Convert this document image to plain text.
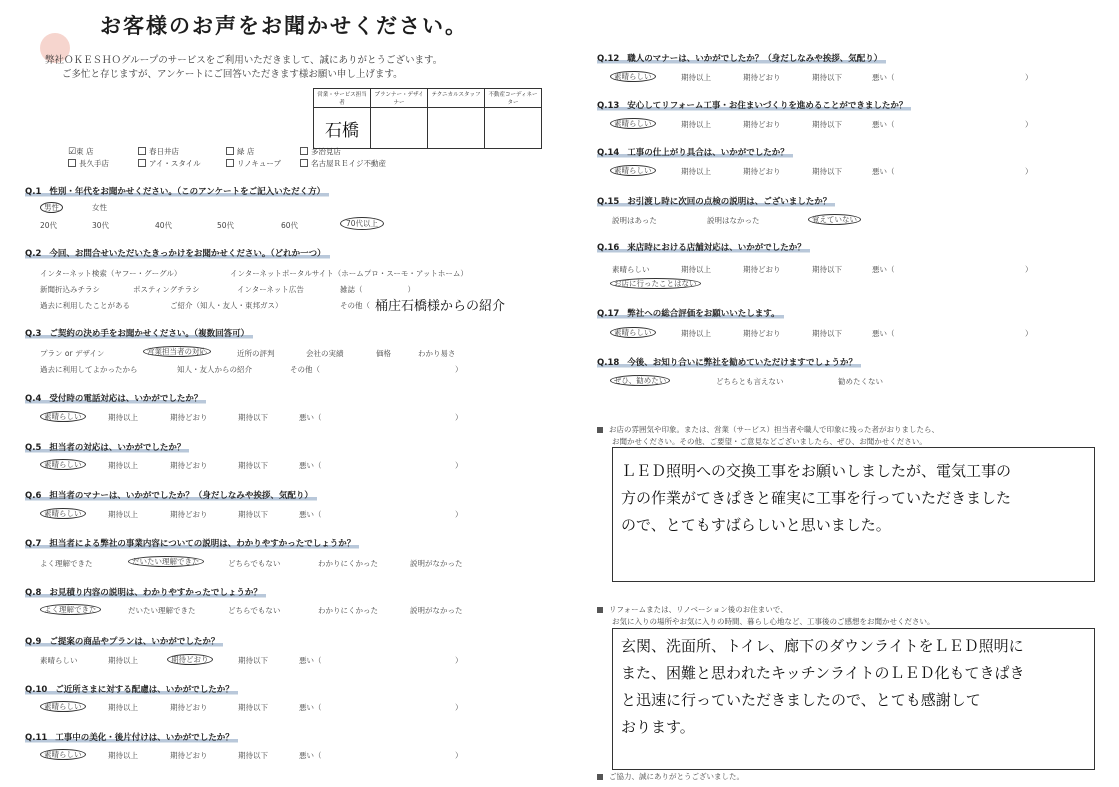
お客様のお声をお聞かせください。
弊社ＯＫＥＳＨＯグループのサービスをご利用いただきまして、誠にありがとうございます。
ご多忙と存じますが、アンケートにご回答いただきます様お願い申し上げます。
営業・サービス担当者	プランナー・デザイナー	テクニカルスタッフ	不動産コーディネーター
石橋			
☑東 店	春日井店	緑 店	多治見店
長久手店	アイ・スタイル	リノキューブ	名古屋ＲＥイジ不動産
Q.1 性別・年代をお聞かせください。（このアンケートをご記入いただく方）
男性	女性
20代	30代	40代	50代	60代	70代以上
Q.2 今回、お問合せいただいたきっかけをお聞かせください。（どれか一つ）
インターネット検索（ヤフー・グーグル）	インターネットポータルサイト（ホームプロ・スーモ・アットホーム）
新聞折込みチラシ	ポスティングチラシ	インターネット広告	雑誌（　　　　　　）
過去に利用したことがある	ご紹介（知人・友人・東邦ガス）	その他（ 桶庄石橋様からの紹介
Q.3 ご契約の決め手をお聞かせください。（複数回答可）
プラン or デザイン	営業担当者の対応	近所の評判	会社の実績	価格	わかり易さ
過去に利用してよかったから	知人・友人からの紹介	その他（	）
Q.4 受付時の電話対応は、いかがでしたか？
素晴らしい	期待以上	期待どおり	期待以下	悪い（	）
Q.5 担当者の対応は、いかがでしたか？
素晴らしい	期待以上	期待どおり	期待以下	悪い（	）
Q.6 担当者のマナーは、いかがでしたか？（身だしなみや挨拶、気配り）
素晴らしい	期待以上	期待どおり	期待以下	悪い（	）
Q.7 担当者による弊社の事業内容についての説明は、わかりやすかったでしょうか？
よく理解できた	だいたい理解できた	どちらでもない	わかりにくかった	説明がなかった
Q.8 お見積り内容の説明は、わかりやすかったでしょうか？
よく理解できた	だいたい理解できた	どちらでもない	わかりにくかった	説明がなかった
Q.9 ご提案の商品やプランは、いかがでしたか？
素晴らしい	期待以上	期待どおり	期待以下	悪い（	）
Q.10 ご近所さまに対する配慮は、いかがでしたか？
素晴らしい	期待以上	期待どおり	期待以下	悪い（	）
Q.11 工事中の美化・後片付けは、いかがでしたか？
素晴らしい	期待以上	期待どおり	期待以下	悪い（	）
Q.12 職人のマナーは、いかがでしたか？（身だしなみや挨拶、気配り）
素晴らしい	期待以上	期待どおり	期待以下	悪い（	）
Q.13 安心してリフォーム工事・お住まいづくりを進めることができましたか？
素晴らしい	期待以上	期待どおり	期待以下	悪い（	）
Q.14 工事の仕上がり具合は、いかがでしたか？
素晴らしい	期待以上	期待どおり	期待以下	悪い（	）
Q.15 お引渡し時に次回の点検の説明は、ございましたか？
説明はあった	説明はなかった	覚えていない
Q.16 来店時における店舗対応は、いかがでしたか？
素晴らしい	期待以上	期待どおり	期待以下	悪い（	）
お店に行ったことはない
Q.17 弊社への総合評価をお願いいたします。
素晴らしい	期待以上	期待どおり	期待以下	悪い（	）
Q.18 今後、お知り合いに弊社を勧めていただけますでしょうか？
ぜひ、勧めたい	どちらとも言えない	勧めたくない
お店の雰囲気や印象。または、営業（サービス）担当者や職人で印象に残った者がおりましたら、
お聞かせください。その他、ご要望・ご意見などございましたら、ぜひ、お聞かせください。
ＬＥＤ照明への交換工事をお願いしましたが、電気工事の
方の作業がてきぱきと確実に工事を行っていただきました
ので、とてもすばらしいと思いました。
リフォームまたは、リノベーション後のお住まいで、
お気に入りの場所やお気に入りの時間、暮らし心地など、工事後のご感想をお聞かせください。
玄関、洗面所、トイレ、廊下のダウンライトをＬＥＤ照明に
また、困難と思われたキッチンライトのＬＥＤ化もてきぱき
と迅速に行っていただきましたので、とても感謝して
おります。
ご協力、誠にありがとうございました。
